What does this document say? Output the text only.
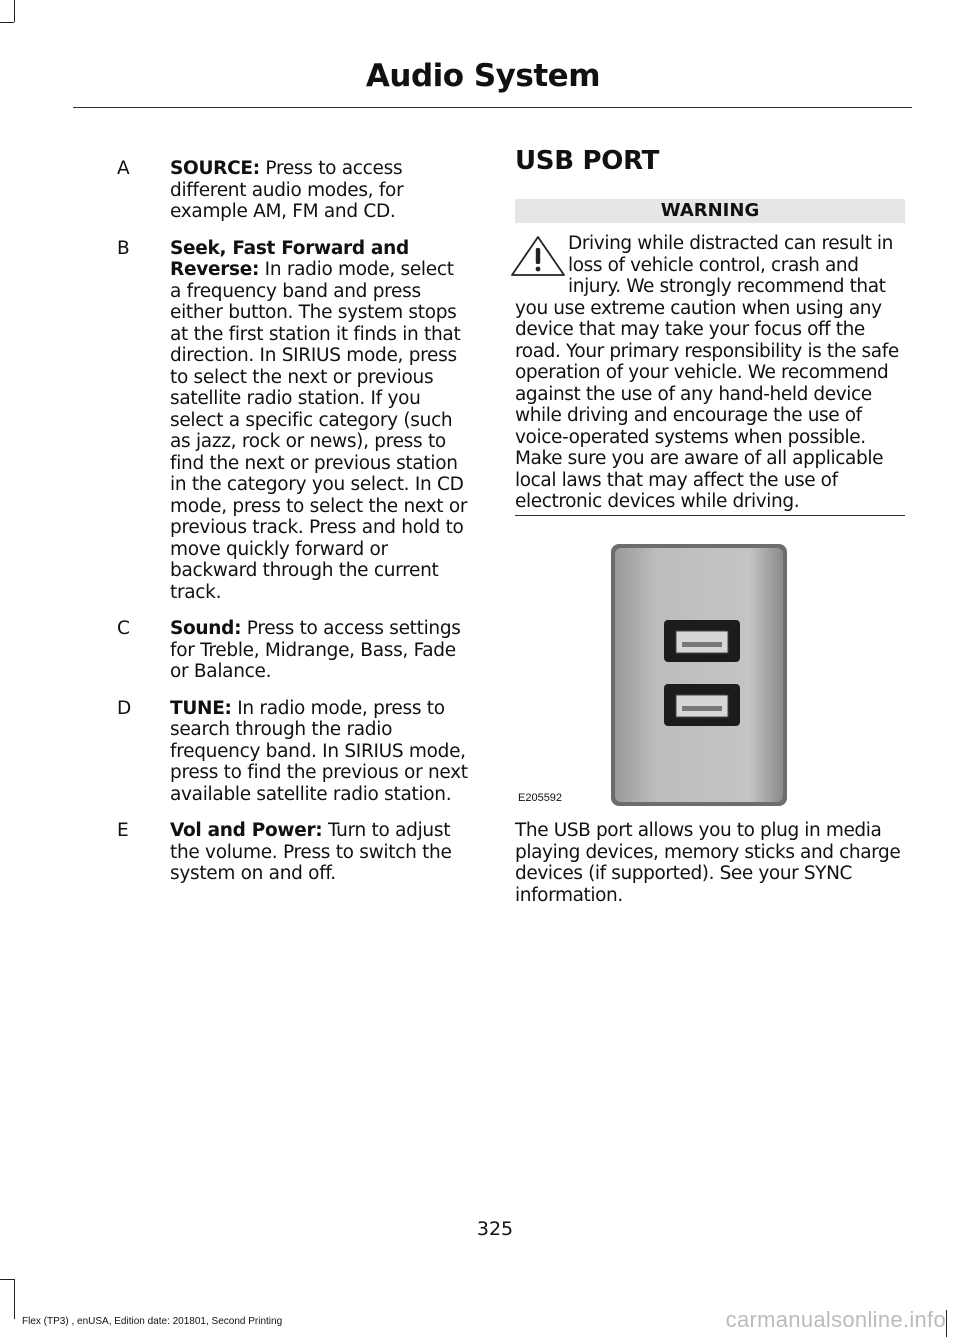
Audio System
A SOURCE: Press to access different audio modes, for example AM, FM and CD.
B Seek, Fast Forward and Reverse: In radio mode, select a frequency band and press either button. The system stops at the first station it finds in that direction. In SIRIUS mode, press to select the next or previous satellite radio station. If you select a specific category (such as jazz, rock or news), press to find the next or previous station in the category you select. In CD mode, press to select the next or previous track. Press and hold to move quickly forward or backward through the current track.
C Sound: Press to access settings for Treble, Midrange, Bass, Fade or Balance.
D TUNE: In radio mode, press to search through the radio frequency band. In SIRIUS mode, press to find the previous or next available satellite radio station.
E Vol and Power: Turn to adjust the volume. Press to switch the system on and off.
USB PORT
WARNING
Driving while distracted can result in loss of vehicle control, crash and injury. We strongly recommend that you use extreme caution when using any device that may take your focus off the road. Your primary responsibility is the safe operation of your vehicle. We recommend against the use of any hand-held device while driving and encourage the use of voice-operated systems when possible. Make sure you are aware of all applicable local laws that may affect the use of electronic devices while driving.
E205592
The USB port allows you to plug in media playing devices, memory sticks and charge devices (if supported). See your SYNC information.
325
Flex (TP3) , enUSA, Edition date: 201801, Second Printing	carmanualsonline.info
